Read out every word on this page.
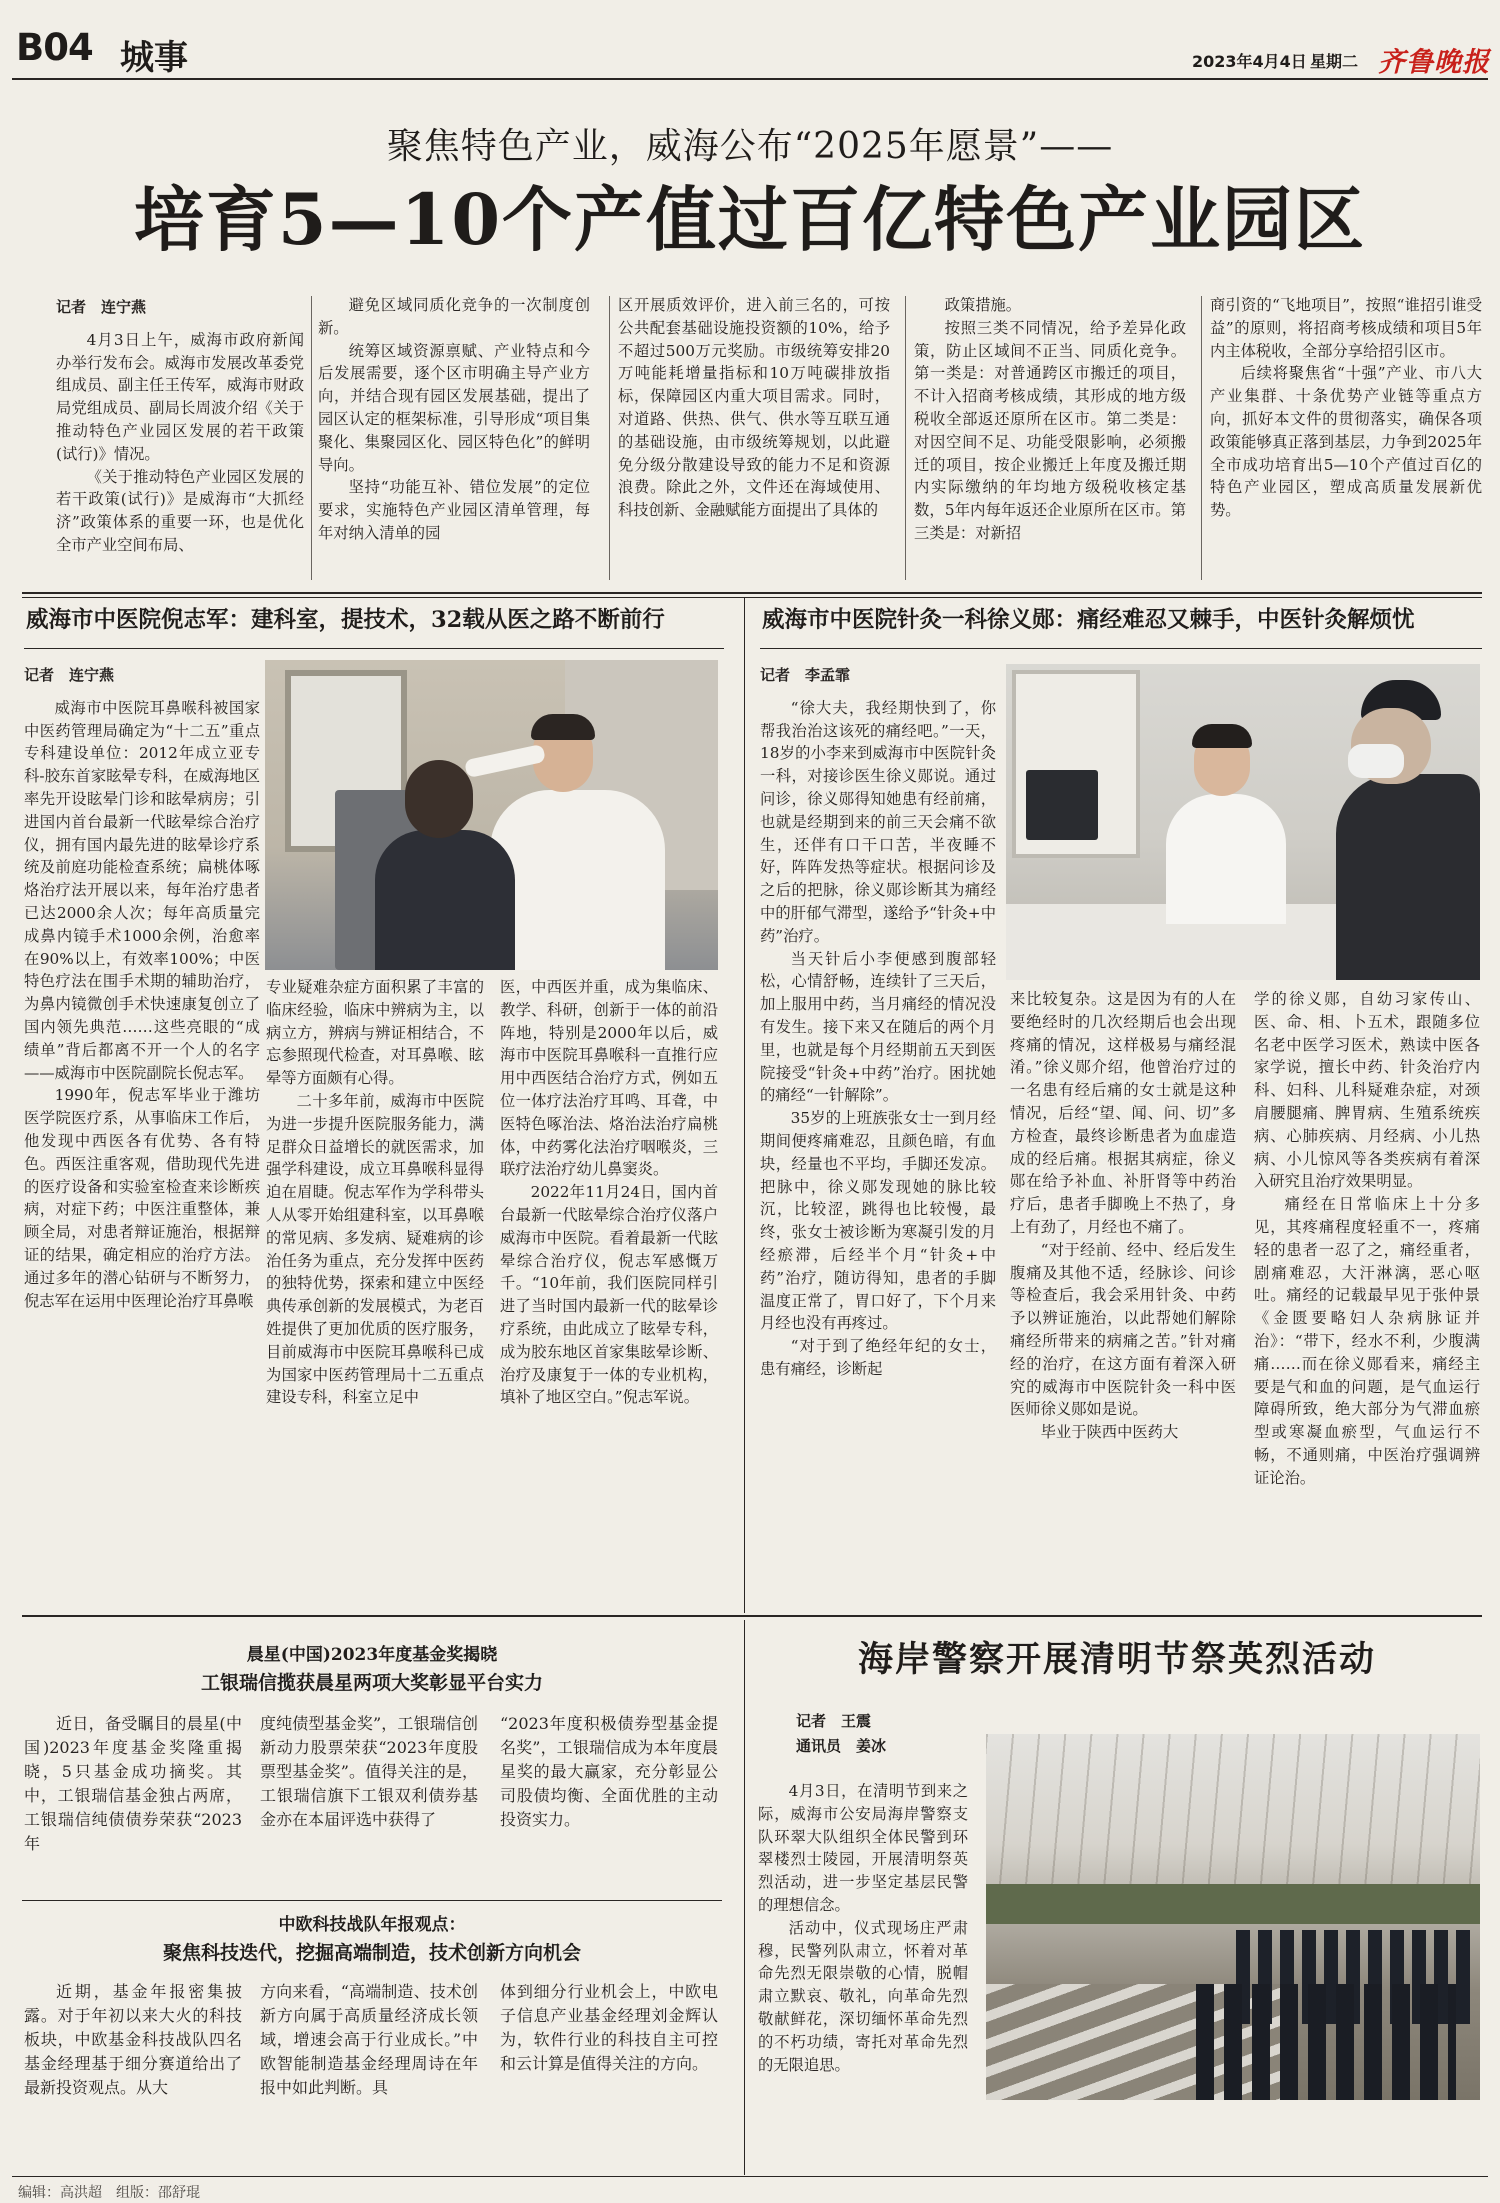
B04 城事	2023年4月4日 星期二 齐鲁晚报
聚焦特色产业，威海公布“2025年愿景”——
培育5—10个产值过百亿特色产业园区

记者　连宁燕

4月3日上午，威海市政府新闻办举行发布会。威海市发展改革委党组成员、副主任王传军，威海市财政局党组成员、副局长周波介绍《关于推动特色产业园区发展的若干政策(试行)》情况。

《关于推动特色产业园区发展的若干政策(试行)》是威海市“大抓经济”政策体系的重要一环，也是优化全市产业空间布局、

避免区域同质化竞争的一次制度创新。

统筹区域资源禀赋、产业特点和今后发展需要，逐个区市明确主导产业方向，并结合现有园区发展基础，提出了园区认定的框架标准，引导形成“项目集聚化、集聚园区化、园区特色化”的鲜明导向。

坚持“功能互补、错位发展”的定位要求，实施特色产业园区清单管理，每年对纳入清单的园

区开展质效评价，进入前三名的，可按公共配套基础设施投资额的10%，给予不超过500万元奖励。市级统筹安排20万吨能耗增量指标和10万吨碳排放指标，保障园区内重大项目需求。同时，对道路、供热、供气、供水等互联互通的基础设施，由市级统筹规划，以此避免分级分散建设导致的能力不足和资源浪费。除此之外，文件还在海域使用、科技创新、金融赋能方面提出了具体的

政策措施。

按照三类不同情况，给予差异化政策，防止区域间不正当、同质化竞争。第一类是：对普通跨区市搬迁的项目，不计入招商考核成绩，其形成的地方级税收全部返还原所在区市。第二类是：对因空间不足、功能受限影响，必须搬迁的项目，按企业搬迁上年度及搬迁期内实际缴纳的年均地方级税收核定基数，5年内每年返还企业原所在区市。第三类是：对新招

商引资的“飞地项目”，按照“谁招引谁受益”的原则，将招商考核成绩和项目5年内主体税收，全部分享给招引区市。

后续将聚焦省“十强”产业、市八大产业集群、十条优势产业链等重点方向，抓好本文件的贯彻落实，确保各项政策能够真正落到基层，力争到2025年全市成功培育出5—10个产值过百亿的特色产业园区，塑成高质量发展新优势。

威海市中医院倪志军：建科室，提技术，32载从医之路不断前行

记者　连宁燕

威海市中医院耳鼻喉科被国家中医药管理局确定为“十二五”重点专科建设单位：2012年成立亚专科-胶东首家眩晕专科，在威海地区率先开设眩晕门诊和眩晕病房；引进国内首台最新一代眩晕综合治疗仪，拥有国内最先进的眩晕诊疗系统及前庭功能检查系统；扁桃体啄烙治疗法开展以来，每年治疗患者已达2000余人次；每年高质量完成鼻内镜手术1000余例，治愈率在90%以上，有效率100%；中医特色疗法在围手术期的辅助治疗，为鼻内镜微创手术快速康复创立了国内领先典范……这些亮眼的“成绩单”背后都离不开一个人的名字——威海市中医院副院长倪志军。

1990年，倪志军毕业于潍坊医学院医疗系，从事临床工作后，他发现中西医各有优势、各有特色。西医注重客观，借助现代先进的医疗设备和实验室检查来诊断疾病，对症下药；中医注重整体，兼顾全局，对患者辩证施治，根据辩证的结果，确定相应的治疗方法。通过多年的潜心钻研与不断努力，倪志军在运用中医理论治疗耳鼻喉

专业疑难杂症方面积累了丰富的临床经验，临床中辨病为主，以病立方，辨病与辨证相结合，不忘参照现代检查，对耳鼻喉、眩晕等方面颇有心得。

二十多年前，威海市中医院为进一步提升医院服务能力，满足群众日益增长的就医需求，加强学科建设，成立耳鼻喉科显得迫在眉睫。倪志军作为学科带头人从零开始组建科室，以耳鼻喉的常见病、多发病、疑难病的诊治任务为重点，充分发挥中医药的独特优势，探索和建立中医经典传承创新的发展模式，为老百姓提供了更加优质的医疗服务，目前威海市中医院耳鼻喉科已成为国家中医药管理局十二五重点建设专科，科室立足中

医，中西医并重，成为集临床、教学、科研，创新于一体的前沿阵地，特别是2000年以后，威海市中医院耳鼻喉科一直推行应用中西医结合治疗方式，例如五位一体疗法治疗耳鸣、耳聋，中医特色啄治法、烙治法治疗扁桃体，中药雾化法治疗咽喉炎，三联疗法治疗幼儿鼻窦炎。

2022年11月24日，国内首台最新一代眩晕综合治疗仪落户威海市中医院。看着最新一代眩晕综合治疗仪，倪志军感慨万千。“10年前，我们医院同样引进了当时国内最新一代的眩晕诊疗系统，由此成立了眩晕专科，成为胶东地区首家集眩晕诊断、治疗及康复于一体的专业机构，填补了地区空白。”倪志军说。

威海市中医院针灸一科徐义郧：痛经难忍又棘手，中医针灸解烦忧

记者　李孟霏

“徐大夫，我经期快到了，你帮我治治这该死的痛经吧。”一天，18岁的小李来到威海市中医院针灸一科，对接诊医生徐义郧说。通过问诊，徐义郧得知她患有经前痛，也就是经期到来的前三天会痛不欲生，还伴有口干口苦，半夜睡不好，阵阵发热等症状。根据问诊及之后的把脉，徐义郧诊断其为痛经中的肝郁气滞型，遂给予“针灸+中药”治疗。

当天针后小李便感到腹部轻松，心情舒畅，连续针了三天后，加上服用中药，当月痛经的情况没有发生。接下来又在随后的两个月里，也就是每个月经期前五天到医院接受“针灸+中药”治疗。困扰她的痛经“一针解除”。

35岁的上班族张女士一到月经期间便疼痛难忍，且颜色暗，有血块，经量也不平均，手脚还发凉。把脉中，徐义郧发现她的脉比较沉，比较涩，跳得也比较慢，最终，张女士被诊断为寒凝引发的月经瘀滞，后经半个月“针灸+中药”治疗，随访得知，患者的手脚温度正常了，胃口好了，下个月来月经也没有再疼过。

“对于到了绝经年纪的女士，患有痛经，诊断起

来比较复杂。这是因为有的人在要绝经时的几次经期后也会出现疼痛的情况，这样极易与痛经混淆。”徐义郧介绍，他曾治疗过的一名患有经后痛的女士就是这种情况，后经“望、闻、问、切”多方检查，最终诊断患者为血虚造成的经后痛。根据其病症，徐义郧在给予补血、补肝肾等中药治疗后，患者手脚晚上不热了，身上有劲了，月经也不痛了。

“对于经前、经中、经后发生腹痛及其他不适，经脉诊、问诊等检查后，我会采用针灸、中药予以辨证施治，以此帮她们解除痛经所带来的病痛之苦。”针对痛经的治疗，在这方面有着深入研究的威海市中医院针灸一科中医医师徐义郧如是说。

毕业于陕西中医药大

学的徐义郧，自幼习家传山、医、命、相、卜五术，跟随多位名老中医学习医术，熟读中医各家学说，擅长中药、针灸治疗内科、妇科、儿科疑难杂症，对颈肩腰腿痛、脾胃病、生殖系统疾病、心肺疾病、月经病、小儿热病、小儿惊风等各类疾病有着深入研究且治疗效果明显。

痛经在日常临床上十分多见，其疼痛程度轻重不一，疼痛轻的患者一忍了之，痛经重者，剧痛难忍，大汗淋漓，恶心呕吐。痛经的记载最早见于张仲景《金匮要略妇人杂病脉证并治》：“带下，经水不利，少腹满痛……而在徐义郧看来，痛经主要是气和血的问题，是气血运行障碍所致，绝大部分为气滞血瘀型或寒凝血瘀型，气血运行不畅，不通则痛，中医治疗强调辨证论治。

晨星(中国)2023年度基金奖揭晓
工银瑞信揽获晨星两项大奖彰显平台实力

近日，备受瞩目的晨星(中国)2023年度基金奖隆重揭晓，5只基金成功摘奖。其中，工银瑞信基金独占两席，工银瑞信纯债债券荣获“2023年

度纯债型基金奖”，工银瑞信创新动力股票荣获“2023年度股票型基金奖”。值得关注的是，工银瑞信旗下工银双利债券基金亦在本届评选中获得了

“2023年度积极债券型基金提名奖”，工银瑞信成为本年度晨星奖的最大赢家，充分彰显公司股债均衡、全面优胜的主动投资实力。

中欧科技战队年报观点：
聚焦科技迭代，挖掘高端制造，技术创新方向机会

近期，基金年报密集披露。对于年初以来大火的科技板块，中欧基金科技战队四名基金经理基于细分赛道给出了最新投资观点。从大

方向来看，“高端制造、技术创新方向属于高质量经济成长领域，增速会高于行业成长。”中欧智能制造基金经理周诗在年报中如此判断。具

体到细分行业机会上，中欧电子信息产业基金经理刘金辉认为，软件行业的科技自主可控和云计算是值得关注的方向。

海岸警察开展清明节祭英烈活动
记者　王震
通讯员　姜冰

4月3日，在清明节到来之际，威海市公安局海岸警察支队环翠大队组织全体民警到环翠楼烈士陵园，开展清明祭英烈活动，进一步坚定基层民警的理想信念。

活动中，仪式现场庄严肃穆，民警列队肃立，怀着对革命先烈无限崇敬的心情，脱帽肃立默哀、敬礼，向革命先烈敬献鲜花，深切缅怀革命先烈的不朽功绩，寄托对革命先烈的无限追思。

编辑：高洪超　组版：邵舒琨
